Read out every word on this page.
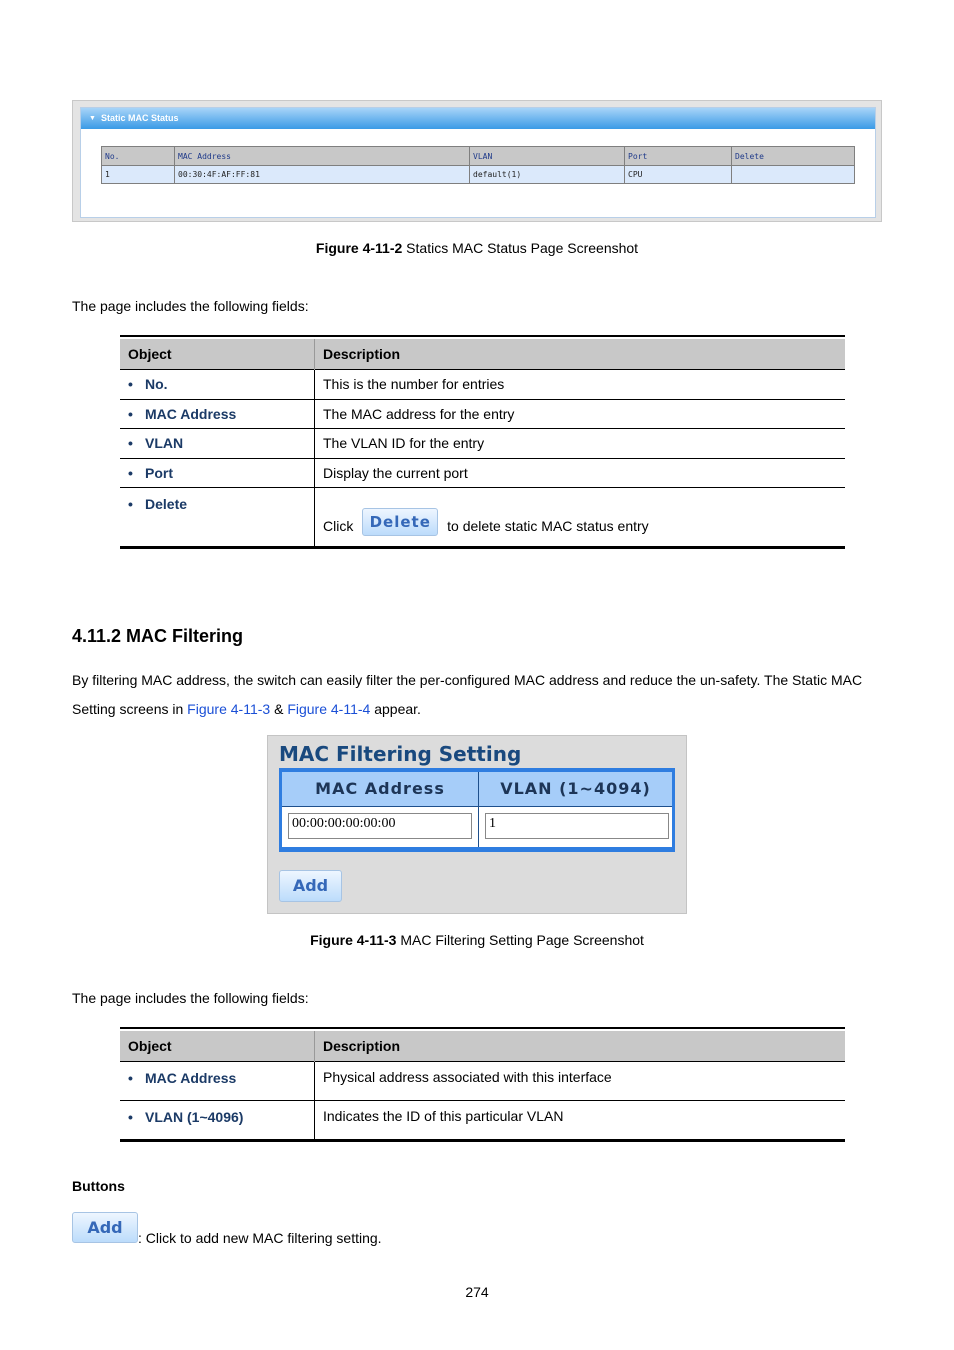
▼ Static MAC Status
No.	MAC Address	VLAN	Port	Delete
1	00:30:4F:AF:FF:81	default(1)	CPU	
Figure 4-11-2 Statics MAC Status Page Screenshot
The page includes the following fields:
Object	Description
• No.	This is the number for entries
• MAC Address	The MAC address for the entry
• VLAN	The VLAN ID for the entry
• Port	Display the current port
• Delete	Click Delete to delete static MAC status entry
4.11.2 MAC Filtering
By filtering MAC address, the switch can easily filter the per-configured MAC address and reduce the un-safety. The Static MAC
Setting screens in Figure 4-11-3 & Figure 4-11-4 appear.
MAC Filtering Setting
MAC Address	VLAN (1~4094)
00:00:00:00:00:00	1
Add
Figure 4-11-3 MAC Filtering Setting Page Screenshot
The page includes the following fields:
Object	Description
• MAC Address	Physical address associated with this interface
• VLAN (1~4096)	Indicates the ID of this particular VLAN
Buttons
Add
: Click to add new MAC filtering setting.
274
